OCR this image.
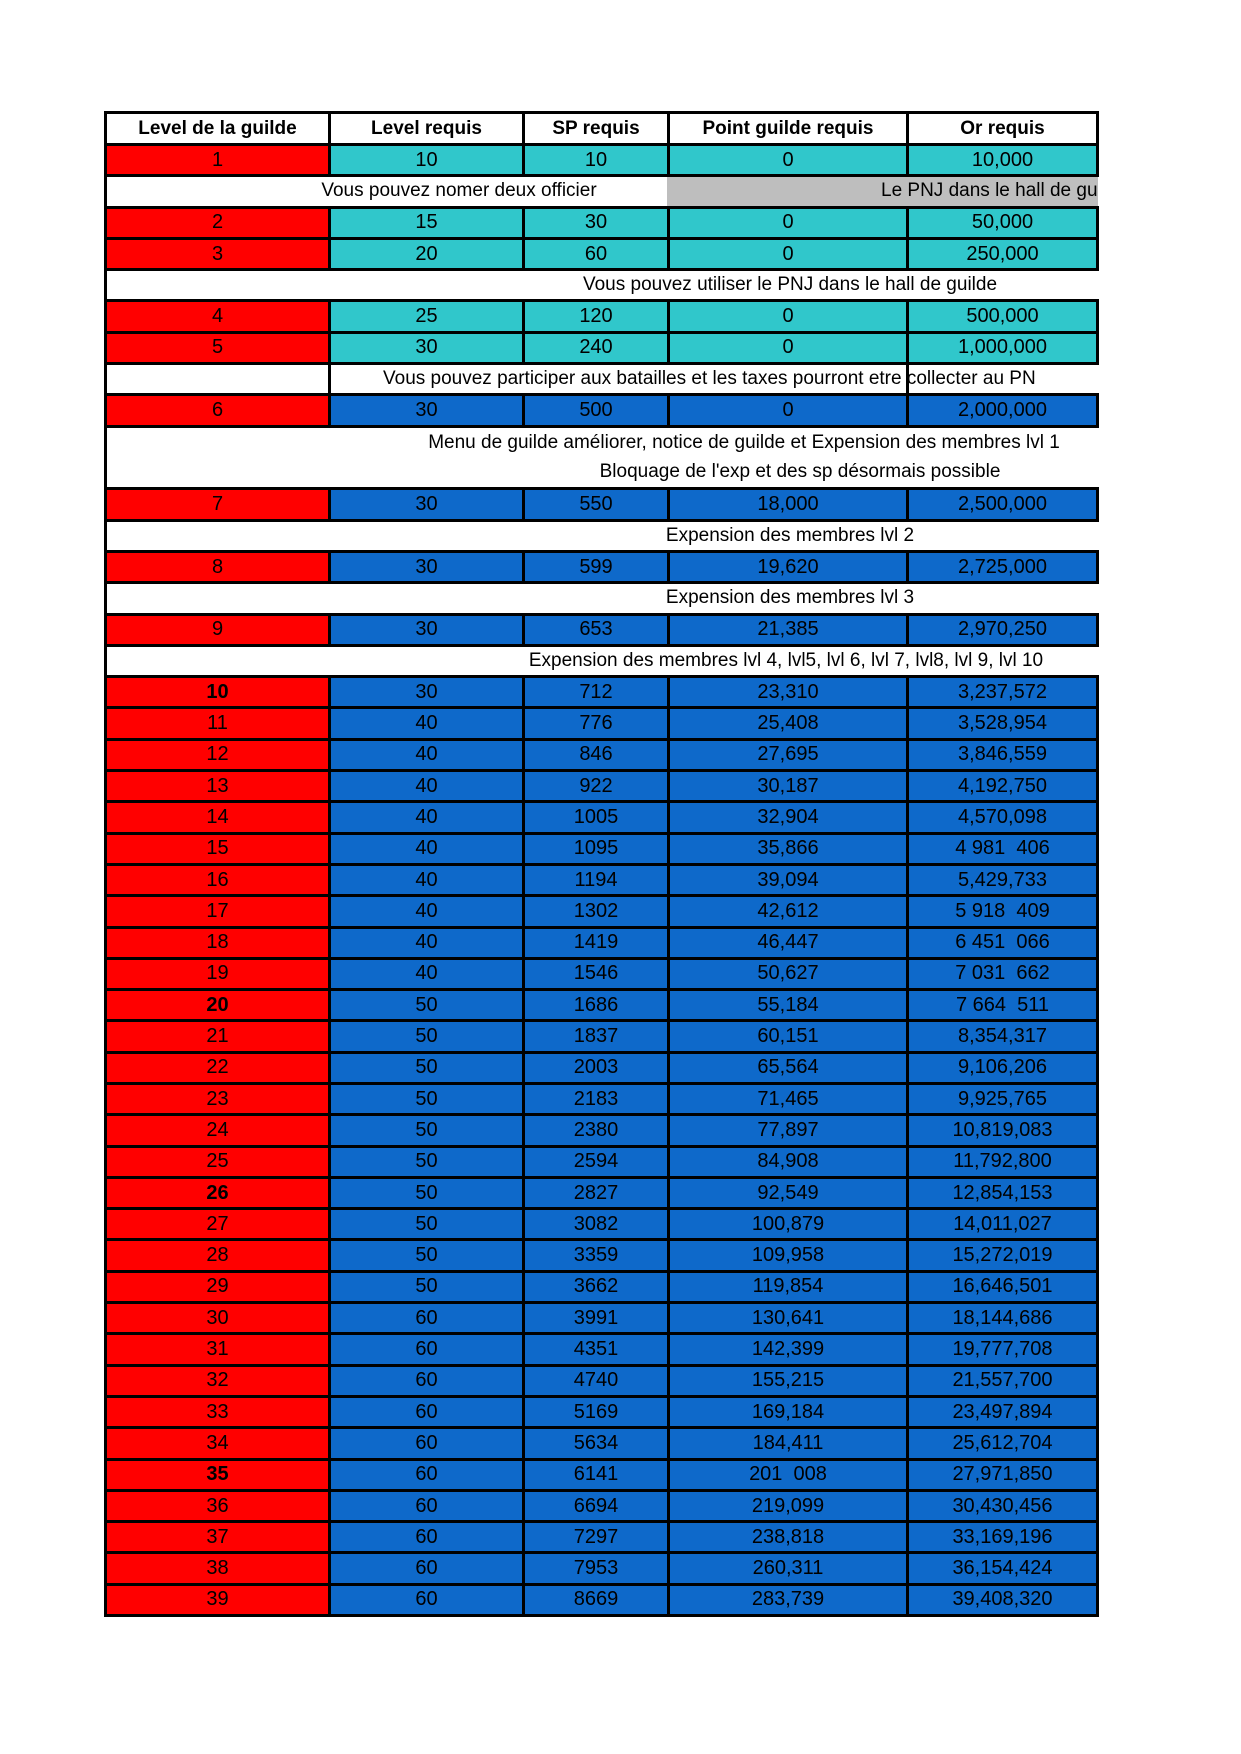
Level de la guilde	Level requis	SP requis	Point guilde requis	Or requis
1	10	10	0	10,000

Vous pouvez nomer deux officier Le PNJ dans le hall de gu				

2	15	30	0	50,000
3	20	60	0	250,000

Vous pouvez utiliser le PNJ dans le hall de guilde				

4	25	120	0	500,000
5	30	240	0	1,000,000

Vous pouvez participer aux batailles et les taxes pourront etre collecter au PN				

6	30	500	0	2,000,000

Menu de guilde améliorer, notice de guilde et Expension des membres lvl 1
Bloquage de l'exp et des sp désormais possible				

7	30	550	18,000	2,500,000

Expension des membres lvl 2				

8	30	599	19,620	2,725,000

Expension des membres lvl 3				

9	30	653	21,385	2,970,250

Expension des membres lvl 4, lvl5, lvl 6, lvl 7, lvl8, lvl 9, lvl 10				

10	30	712	23,310	3,237,572
11	40	776	25,408	3,528,954
12	40	846	27,695	3,846,559
13	40	922	30,187	4,192,750
14	40	1005	32,904	4,570,098
15	40	1095	35,866	4 981  406
16	40	1194	39,094	5,429,733
17	40	1302	42,612	5 918  409
18	40	1419	46,447	6 451  066
19	40	1546	50,627	7 031  662
20	50	1686	55,184	7 664  511
21	50	1837	60,151	8,354,317
22	50	2003	65,564	9,106,206
23	50	2183	71,465	9,925,765
24	50	2380	77,897	10,819,083
25	50	2594	84,908	11,792,800
26	50	2827	92,549	12,854,153
27	50	3082	100,879	14,011,027
28	50	3359	109,958	15,272,019
29	50	3662	119,854	16,646,501
30	60	3991	130,641	18,144,686
31	60	4351	142,399	19,777,708
32	60	4740	155,215	21,557,700
33	60	5169	169,184	23,497,894
34	60	5634	184,411	25,612,704
35	60	6141	201  008	27,971,850
36	60	6694	219,099	30,430,456
37	60	7297	238,818	33,169,196
38	60	7953	260,311	36,154,424
39	60	8669	283,739	39,408,320
